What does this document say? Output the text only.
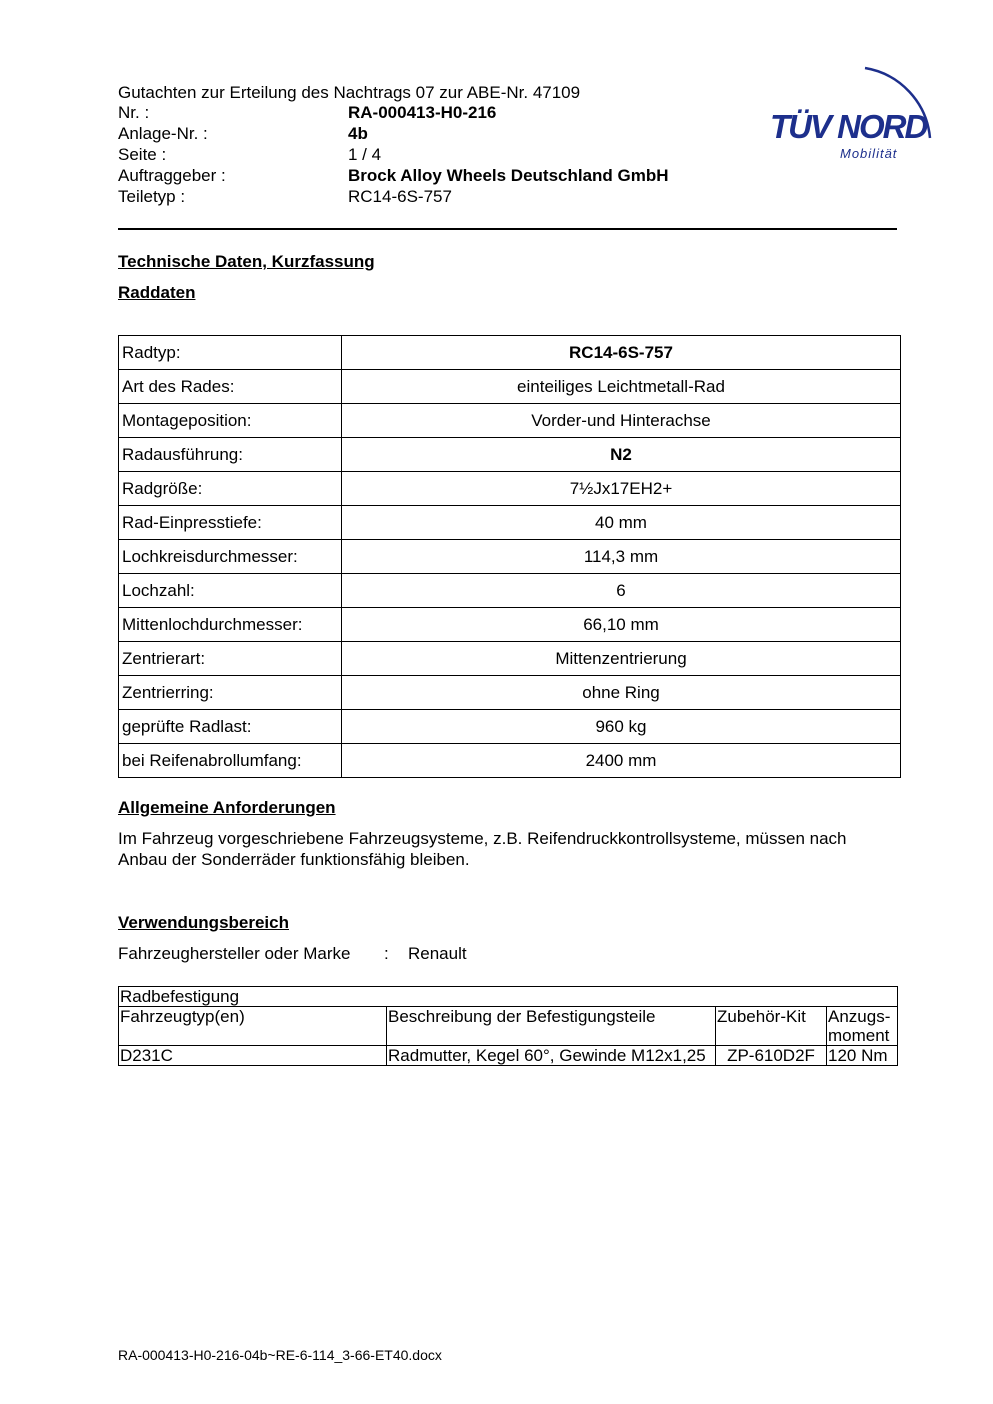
Gutachten zur Erteilung des Nachtrags 07 zur ABE-Nr. 47109
Nr. :	RA-000413-H0-216
Anlage-Nr. :	4b
Seite :	1 / 4
Auftraggeber :	Brock Alloy Wheels Deutschland GmbH
Teiletyp :	RC14-6S-757
TÜV NORD
Mobilität
Technische Daten, Kurzfassung
Raddaten
Radtyp:	RC14-6S-757
Art des Rades:	einteiliges Leichtmetall-Rad
Montageposition:	Vorder-und Hinterachse
Radausführung:	N2
Radgröße:	7½Jx17EH2+
Rad-Einpresstiefe:	40 mm
Lochkreisdurchmesser:	114,3 mm
Lochzahl:	6
Mittenlochdurchmesser:	66,10 mm
Zentrierart:	Mittenzentrierung
Zentrierring:	ohne Ring
geprüfte Radlast:	960 kg
bei Reifenabrollumfang:	2400 mm
Allgemeine Anforderungen
Im Fahrzeug vorgeschriebene Fahrzeugsysteme, z.B. Reifendruckkontrollsysteme, müssen nach Anbau der Sonderräder funktionsfähig bleiben.
Verwendungsbereich
Fahrzeughersteller oder Marke : Renault
Radbefestigung			
Fahrzeugtyp(en)	Beschreibung der Befestigungsteile	Zubehör-Kit	Anzugs-moment
D231C	Radmutter, Kegel 60°, Gewinde M12x1,25	ZP-610D2F	120 Nm
RA-000413-H0-216-04b~RE-6-114_3-66-ET40.docx
